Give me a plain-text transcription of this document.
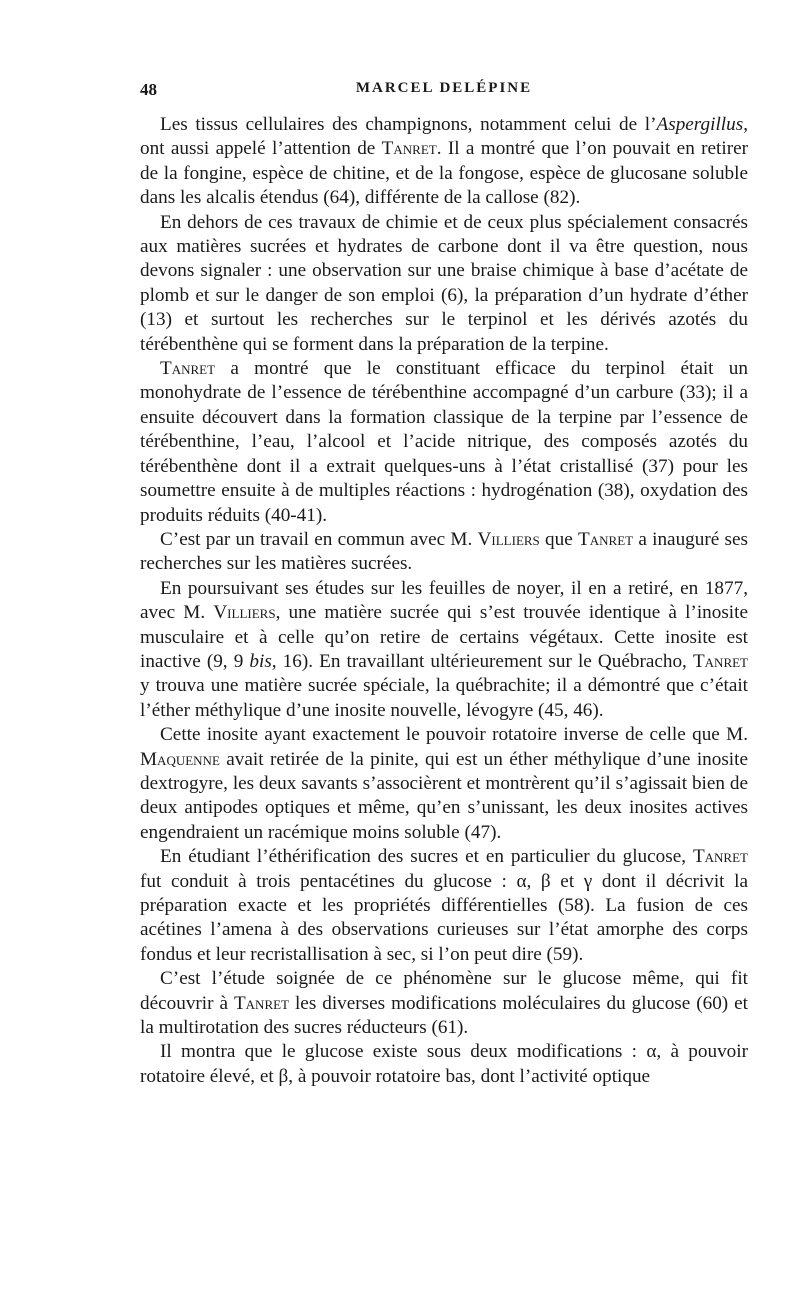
48	MARCEL DELÉPINE

Les tissus cellulaires des champignons, notamment celui de l’Aspergillus, ont aussi appelé l’attention de Tanret. Il a montré que l’on pouvait en retirer de la fongine, espèce de chitine, et de la fongose, espèce de glucosane soluble dans les alcalis étendus (64), différente de la callose (82).

En dehors de ces travaux de chimie et de ceux plus spécialement consacrés aux matières sucrées et hydrates de carbone dont il va être question, nous devons signaler : une observation sur une braise chimique à base d’acétate de plomb et sur le danger de son emploi (6), la préparation d’un hydrate d’éther (13) et surtout les recherches sur le terpinol et les dérivés azotés du térébenthène qui se forment dans la préparation de la terpine.

Tanret a montré que le constituant efficace du terpinol était un monohydrate de l’essence de térébenthine accompagné d’un carbure (33); il a ensuite découvert dans la formation classique de la terpine par l’essence de térébenthine, l’eau, l’alcool et l’acide nitrique, des composés azotés du térébenthène dont il a extrait quelques-uns à l’état cristallisé (37) pour les soumettre ensuite à de multiples réactions : hydrogénation (38), oxydation des produits réduits (40-41).

C’est par un travail en commun avec M. Villiers que Tanret a inauguré ses recherches sur les matières sucrées.

En poursuivant ses études sur les feuilles de noyer, il en a retiré, en 1877, avec M. Villiers, une matière sucrée qui s’est trouvée identique à l’inosite musculaire et à celle qu’on retire de certains végétaux. Cette inosite est inactive (9, 9 bis, 16). En travaillant ultérieurement sur le Québracho, Tanret y trouva une matière sucrée spéciale, la québrachite; il a démontré que c’était l’éther méthylique d’une inosite nouvelle, lévogyre (45, 46).

Cette inosite ayant exactement le pouvoir rotatoire inverse de celle que M. Maquenne avait retirée de la pinite, qui est un éther méthylique d’une inosite dextrogyre, les deux savants s’associèrent et montrèrent qu’il s’agissait bien de deux antipodes optiques et même, qu’en s’unissant, les deux inosites actives engendraient un racémique moins soluble (47).

En étudiant l’éthérification des sucres et en particulier du glucose, Tanret fut conduit à trois pentacétines du glucose : α, β et γ dont il décrivit la préparation exacte et les propriétés différentielles (58). La fusion de ces acétines l’amena à des observations curieuses sur l’état amorphe des corps fondus et leur recristallisation à sec, si l’on peut dire (59).

C’est l’étude soignée de ce phénomène sur le glucose même, qui fit découvrir à Tanret les diverses modifications moléculaires du glucose (60) et la multirotation des sucres réducteurs (61).

Il montra que le glucose existe sous deux modifications : α, à pouvoir rotatoire élevé, et β, à pouvoir rotatoire bas, dont l’activité optique
